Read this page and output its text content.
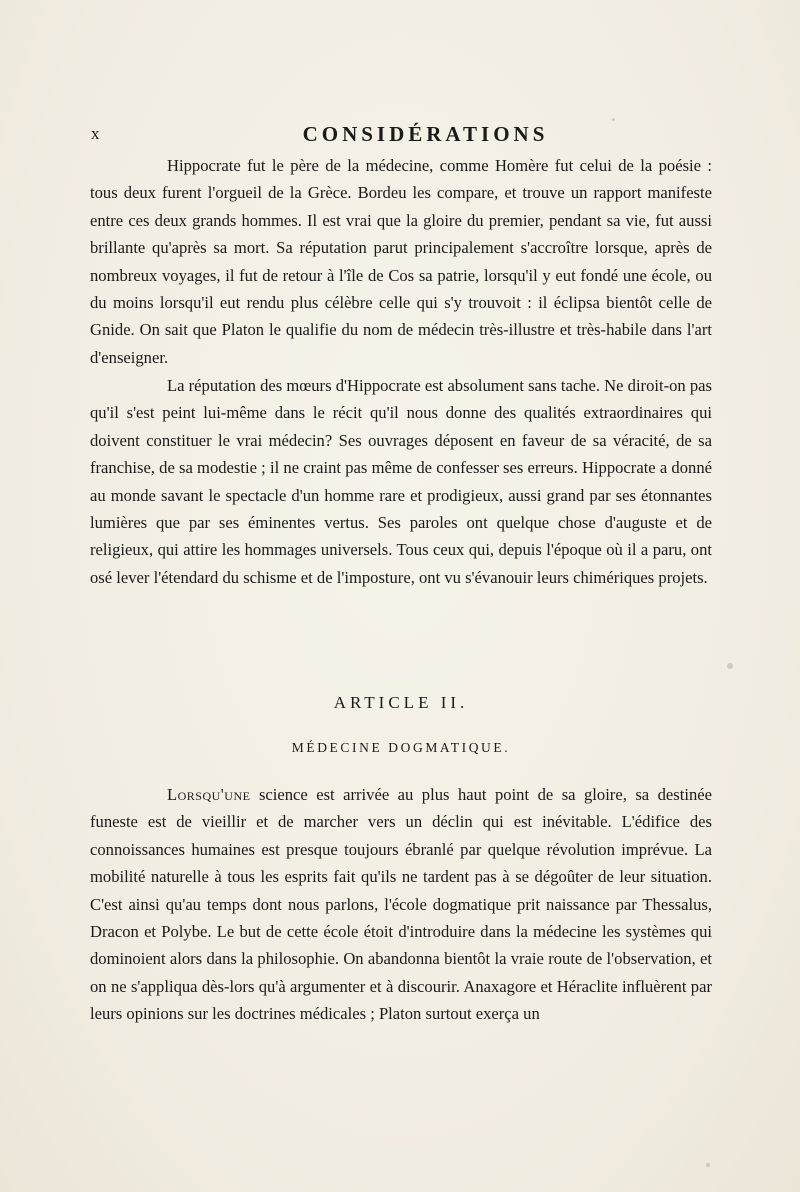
x	CONSIDÉRATIONS

Hippocrate fut le père de la médecine, comme Homère fut celui de la poésie : tous deux furent l'orgueil de la Grèce. Bordeu les compare, et trouve un rapport manifeste entre ces deux grands hommes. Il est vrai que la gloire du premier, pendant sa vie, fut aussi brillante qu'après sa mort. Sa réputation parut principalement s'accroître lorsque, après de nombreux voyages, il fut de retour à l'île de Cos sa patrie, lorsqu'il y eut fondé une école, ou du moins lorsqu'il eut rendu plus célèbre celle qui s'y trouvoit : il éclipsa bientôt celle de Gnide. On sait que Platon le qualifie du nom de médecin très-illustre et très-habile dans l'art d'enseigner.

La réputation des mœurs d'Hippocrate est absolument sans tache. Ne diroit-on pas qu'il s'est peint lui-même dans le récit qu'il nous donne des qualités extraordinaires qui doivent constituer le vrai médecin? Ses ouvrages déposent en faveur de sa véracité, de sa franchise, de sa modestie ; il ne craint pas même de confesser ses erreurs. Hippocrate a donné au monde savant le spectacle d'un homme rare et prodigieux, aussi grand par ses étonnantes lumières que par ses éminentes vertus. Ses paroles ont quelque chose d'auguste et de religieux, qui attire les hommages universels. Tous ceux qui, depuis l'époque où il a paru, ont osé lever l'étendard du schisme et de l'imposture, ont vu s'évanouir leurs chimériques projets.

ARTICLE II.
MÉDECINE DOGMATIQUE.

Lorsqu'une science est arrivée au plus haut point de sa gloire, sa destinée funeste est de vieillir et de marcher vers un déclin qui est inévitable. L'édifice des connoissances humaines est presque toujours ébranlé par quelque révolution imprévue. La mobilité naturelle à tous les esprits fait qu'ils ne tardent pas à se dégoûter de leur situation. C'est ainsi qu'au temps dont nous parlons, l'école dogmatique prit naissance par Thessalus, Dracon et Polybe. Le but de cette école étoit d'introduire dans la médecine les systèmes qui dominoient alors dans la philosophie. On abandonna bientôt la vraie route de l'observation, et on ne s'appliqua dès-lors qu'à argumenter et à discourir. Anaxagore et Héraclite influèrent par leurs opinions sur les doctrines médicales ; Platon surtout exerça un
